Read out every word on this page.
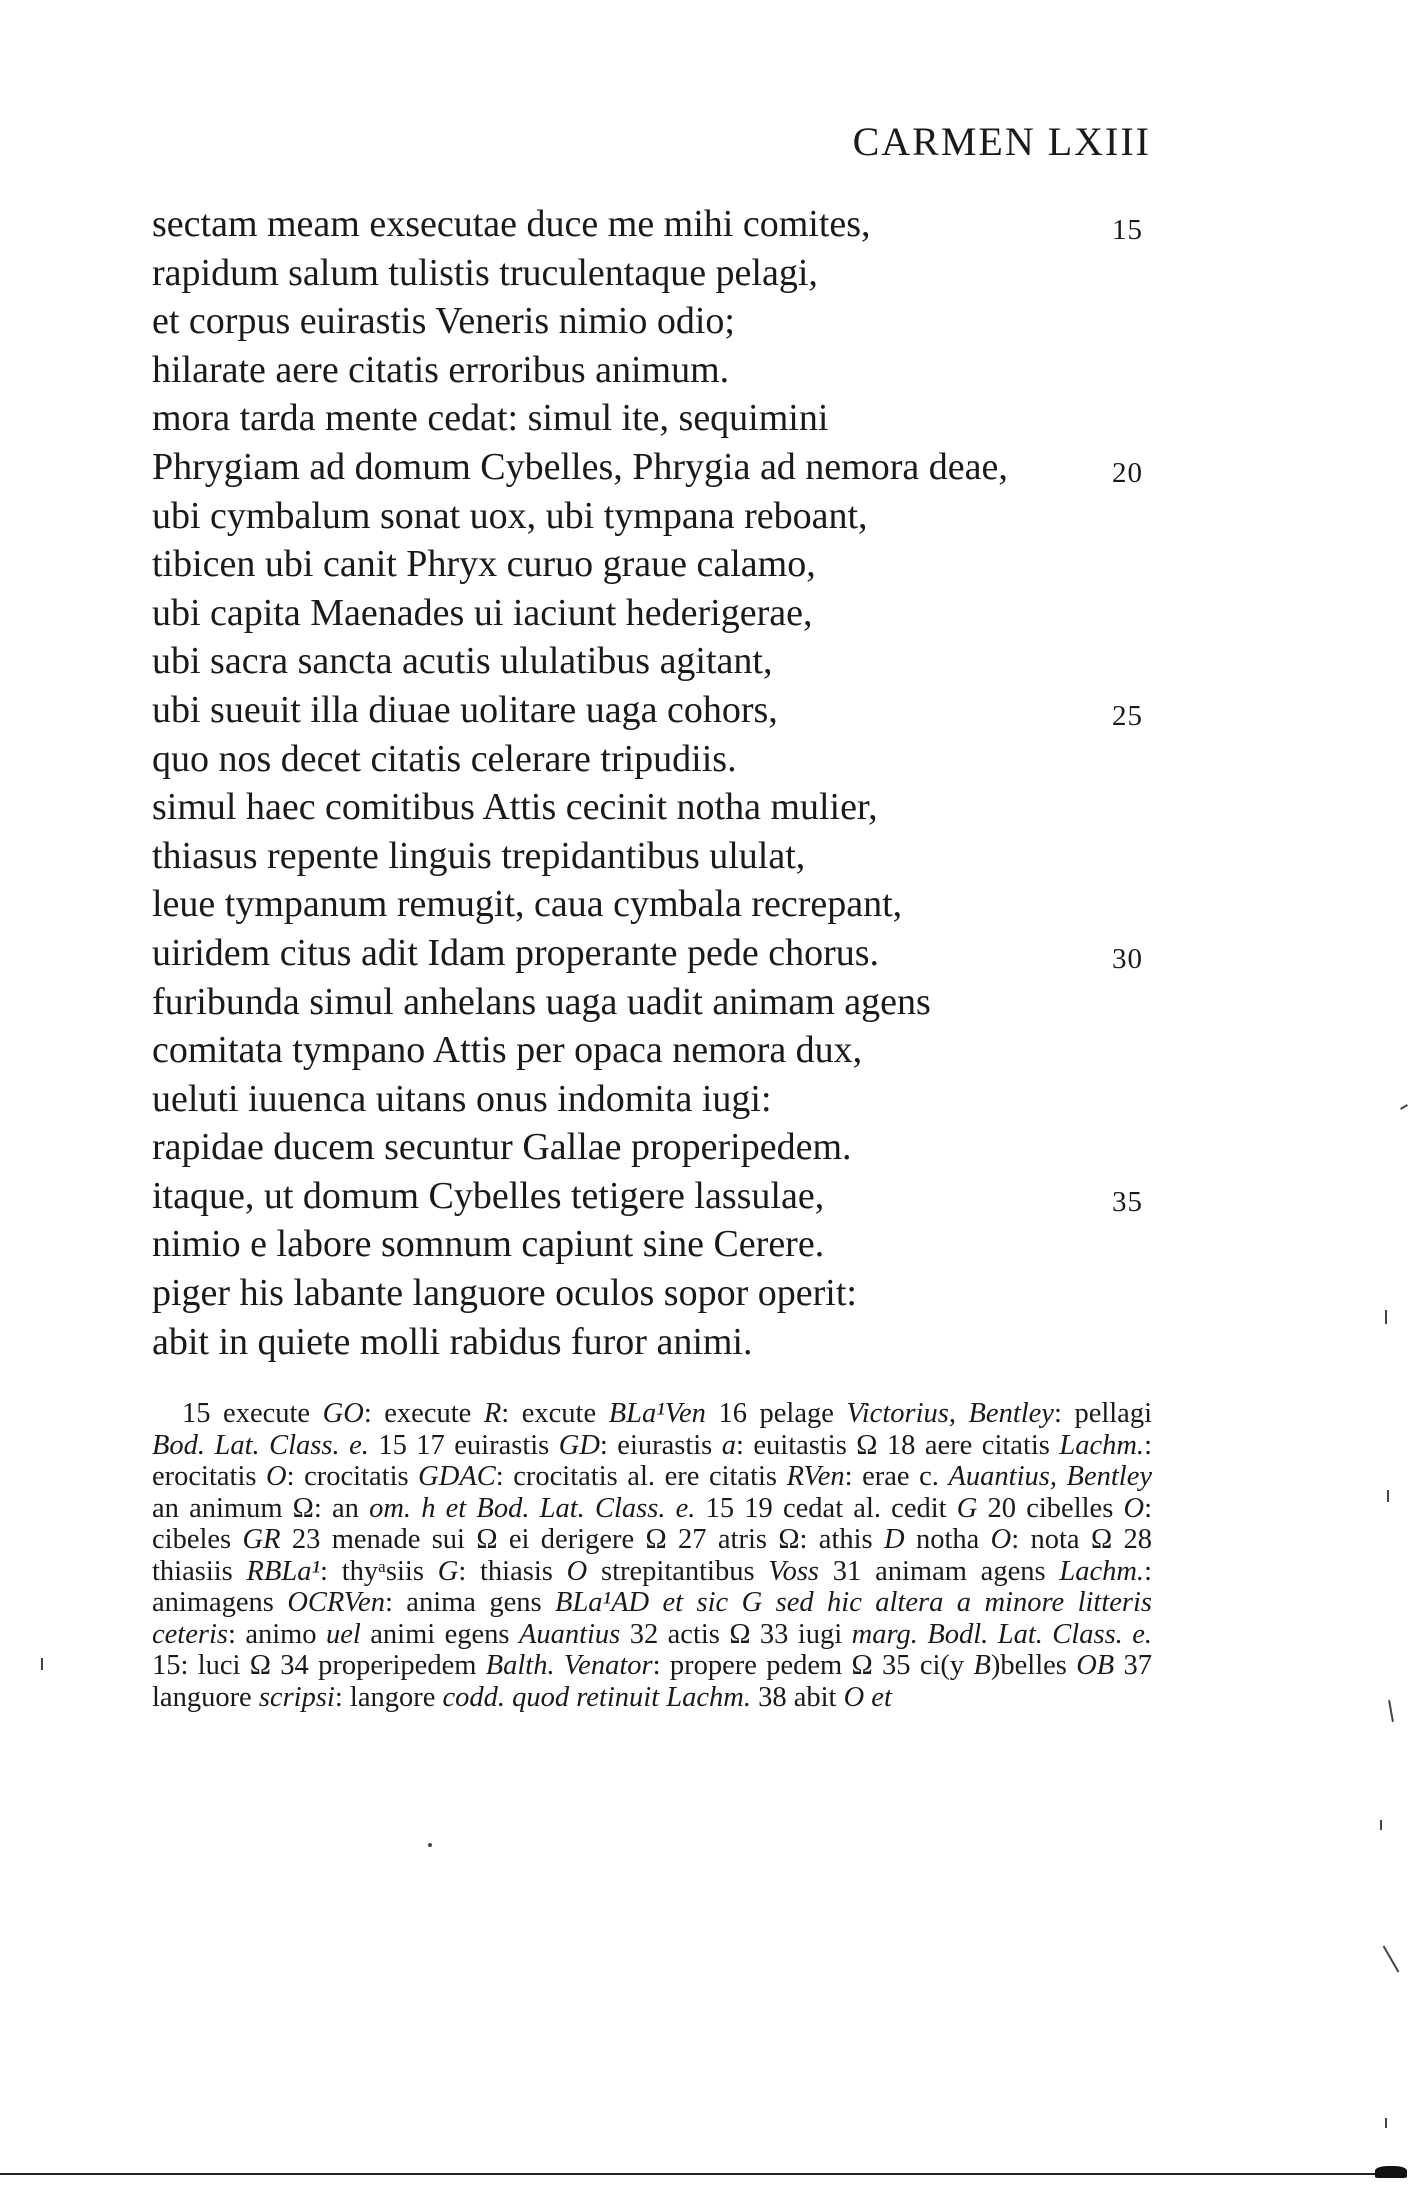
CARMEN LXIII
sectam meam exsecutae duce me mihi comites,	15
rapidum salum tulistis truculentaque pelagi,
et corpus euirastis Veneris nimio odio;
hilarate aere citatis erroribus animum.
mora tarda mente cedat: simul ite, sequimini
Phrygiam ad domum Cybelles, Phrygia ad nemora deae,	20
ubi cymbalum sonat uox, ubi tympana reboant,
tibicen ubi canit Phryx curuo graue calamo,
ubi capita Maenades ui iaciunt hederigerae,
ubi sacra sancta acutis ululatibus agitant,
ubi sueuit illa diuae uolitare uaga cohors,	25
quo nos decet citatis celerare tripudiis.
simul haec comitibus Attis cecinit notha mulier,
thiasus repente linguis trepidantibus ululat,
leue tympanum remugit, caua cymbala recrepant,
uiridem citus adit Idam properante pede chorus.	30
furibunda simul anhelans uaga uadit animam agens
comitata tympano Attis per opaca nemora dux,
ueluti iuuenca uitans onus indomita iugi:
rapidae ducem secuntur Gallae properipedem.
itaque, ut domum Cybelles tetigere lassulae,	35
nimio e labore somnum capiunt sine Cerere.
piger his labante languore oculos sopor operit:
abit in quiete molli rabidus furor animi.

15 execute GO: execute R: excute BLa¹Ven 16 pelage Victorius, Bentley: pellagi Bod. Lat. Class. e. 15 17 euirastis GD: eiurastis a: euitastis Ω 18 aere citatis Lachm.: erocitatis O: crocitatis GDAC: crocitatis al. ere citatis RVen: erae c. Auantius, Bentley an animum Ω: an om. h et Bod. Lat. Class. e. 15 19 cedat al. cedit G 20 cibelles O: cibeles GR 23 menade sui Ω ei derigere Ω 27 atris Ω: athis D notha O: nota Ω 28 thiasiis RBLa¹: thyᵃsiis G: thiasis O strepitantibus Voss 31 animam agens Lachm.: animagens OCRVen: anima gens BLa¹AD et sic G sed hic altera a minore litteris ceteris: animo uel animi egens Auantius 32 actis Ω 33 iugi marg. Bodl. Lat. Class. e. 15: luci Ω 34 properipedem Balth. Venator: propere pedem Ω 35 ci(y B)belles OB 37 languore scripsi: langore codd. quod retinuit Lachm. 38 abit O et
